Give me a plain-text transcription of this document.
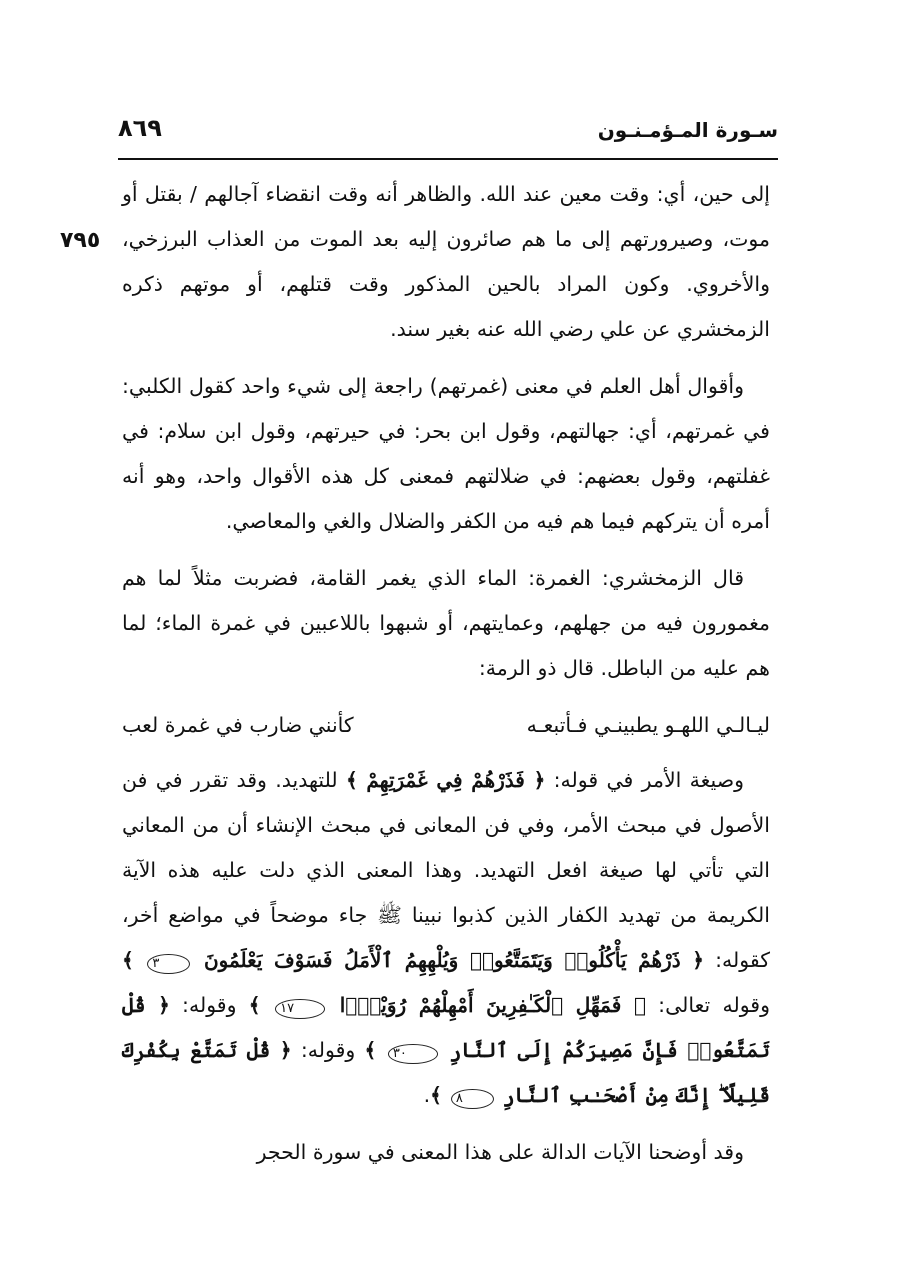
سـورة المـؤمـنـون
٨٦٩
٧٩٥

إلى حين، أي: وقت معين عند الله. والظاهر أنه وقت انقضاء آجالهم / بقتل أو موت، وصيرورتهم إلى ما هم صائرون إليه بعد الموت من العذاب البرزخي، والأخروي. وكون المراد بالحين المذكور وقت قتلهم، أو موتهم ذكره الزمخشري عن علي رضي الله عنه بغير سند.

وأقوال أهل العلم في معنى (غمرتهم) راجعة إلى شيء واحد كقول الكلبي: في غمرتهم، أي: جهالتهم، وقول ابن بحر: في حيرتهم، وقول ابن سلام: في غفلتهم، وقول بعضهم: في ضلالتهم فمعنى كل هذه الأقوال واحد، وهو أنه أمره أن يتركهم فيما هم فيه من الكفر والضلال والغي والمعاصي.

قال الزمخشري: الغمرة: الماء الذي يغمر القامة، فضربت مثلاً لما هم مغمورون فيه من جهلهم، وعمايتهم، أو شبهوا باللاعبين في غمرة الماء؛ لما هم عليه من الباطل. قال ذو الرمة:

ليـالـي اللهـو يطبينـي فـأتبعـه
كأنني ضارب في غمرة لعب

وصيغة الأمر في قوله: ﴿ فَذَرْهُمْ فِي غَمْرَتِهِمْ ﴾ للتهديد. وقد تقرر في فن الأصول في مبحث الأمر، وفي فن المعانى في مبحث الإنشاء أن من المعاني التي تأتي لها صيغة افعل التهديد. وهذا المعنى الذي دلت عليه هذه الآية الكريمة من تهديد الكفار الذين كذبوا نبينا ﷺ جاء موضحاً في مواضع أخر، كقوله: ﴿ ذَرْهُمْ يَأْكُلُوا۟ وَيَتَمَتَّعُوا۟ وَيُلْهِهِمُ ٱلْأَمَلُ فَسَوْفَ يَعْلَمُونَ ٣ ﴾ وقوله تعالى: ﴿ فَمَهِّلِ ٱلْكَـٰفِرِينَ أَمْهِلْهُمْ رُوَيْدًۢا ١٧ ﴾ وقوله: ﴿ قُلْ تَمَتَّعُوا۟ فَإِنَّ مَصِيرَكُمْ إِلَى ٱلنَّارِ ٣٠ ﴾ وقوله: ﴿ قُلْ تَمَتَّعْ بِكُفْرِكَ قَلِيلًا ۖ إِنَّكَ مِنْ أَصْحَـٰبِ ٱلنَّارِ ٨ ﴾.

وقد أوضحنا الآيات الدالة على هذا المعنى في سورة الحجر
